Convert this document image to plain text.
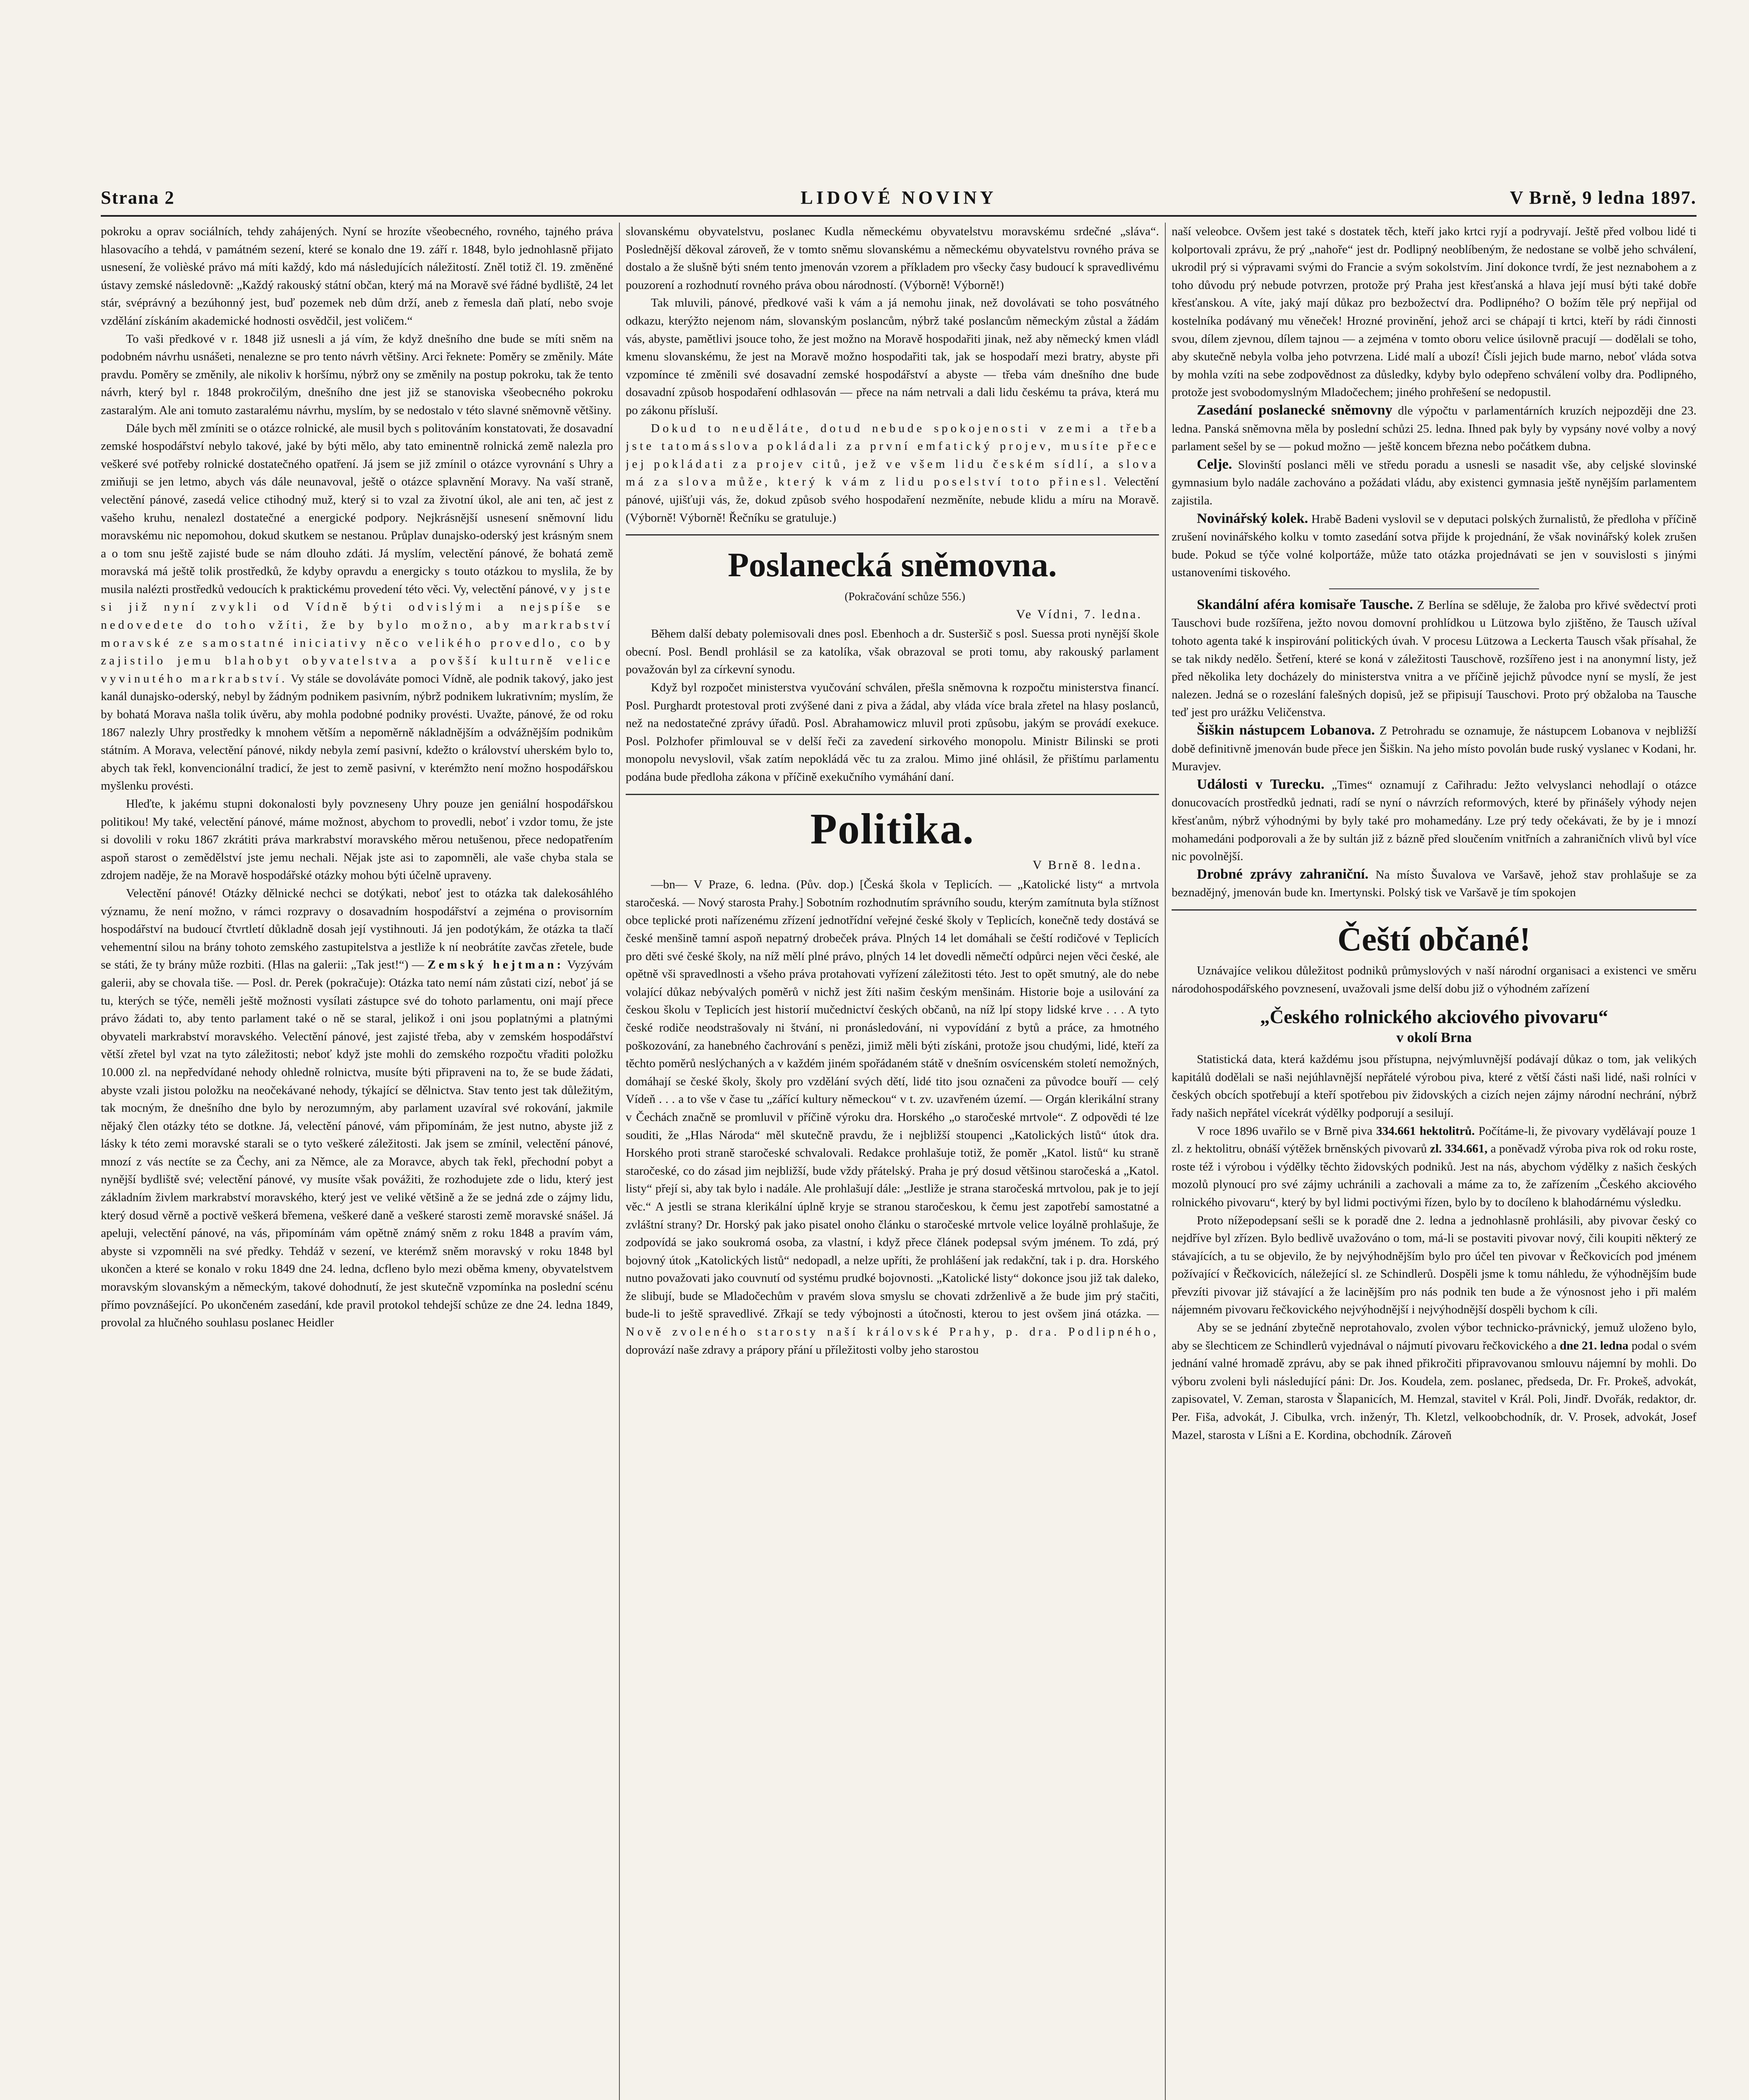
Strana 2	LIDOVÉ NOVINY	V Brně, 9 ledna 1897.

pokroku a oprav sociálních, tehdy zahájených. Nyní se hrozíte všeobecného, rovného, tajného práva hlasovacího a tehdá, v památném sezení, které se konalo dne 19. září r. 1848, bylo jednohlasně přijato usnesení, že volièské právo má míti každý, kdo má následujících náležitostí. Zněl totiž čl. 19. změněné ústavy zemské následovně: „Každý rakouský státní občan, který má na Moravě své řádné bydliště, 24 let stár, svéprávný a bezúhonný jest, buď pozemek neb dům drží, aneb z řemesla daň platí, nebo svoje vzdělání získáním akademické hodnosti osvědčil, jest voličem.“

To vaši předkové v r. 1848 již usnesli a já vím, že když dnešního dne bude se míti sněm na podobném návrhu usnášeti, nenalezne se pro tento návrh většiny. Arci řeknete: Poměry se změnily. Máte pravdu. Poměry se změnily, ale nikoliv k horšímu, nýbrž ony se změnily na postup pokroku, tak že tento návrh, který byl r. 1848 prokročilým, dnešního dne jest již se stanoviska všeobecného pokroku zastaralým. Ale ani tomuto zastaralému návrhu, myslím, by se nedostalo v této slavné sněmovně většiny.

Dále bych měl zmíniti se o otázce rolnické, ale musil bych s politováním konstatovati, že dosavadní zemské hospodářství nebylo takové, jaké by býti mělo, aby tato eminentně rolnická země nalezla pro veškeré své potřeby rolnické dostatečného opatření. Já jsem se již zmínil o otázce vyrovnání s Uhry a zmiňuji se jen letmo, abych vás dále neunavoval, ještě o otázce splavnění Moravy. Na vaší straně, velectění pánové, zasedá velice ctihodný muž, který si to vzal za životní úkol, ale ani ten, ač jest z vašeho kruhu, nenalezl dostatečné a energické podpory. Nejkrásnější usnesení sněmovní lidu moravskému nic nepomohou, dokud skutkem se nestanou. Průplav dunajsko-oderský jest krásným snem a o tom snu ještě zajisté bude se nám dlouho zdáti. Já myslím, velectění pánové, že bohatá země moravská má ještě tolik prostředků, že kdyby opravdu a energicky s touto otázkou to myslila, že by musila nalézti prostředků vedoucích k praktickému provedení této věci. Vy, velectění pánové, vy jste si již nyní zvykli od Vídně býti odvislými a nejspíše se nedovedete do toho vžíti, že by bylo možno, aby markrabství moravské ze samostatné iniciativy něco velikého provedlo, co by zajistilo jemu blahobyt obyvatelstva a povšší kulturně velice vyvinutého markrabství. Vy stále se dovoláváte pomoci Vídně, ale podnik takový, jako jest kanál dunajsko-oderský, nebyl by žádným podnikem pasivním, nýbrž podnikem lukrativním; myslím, že by bohatá Morava našla tolik úvěru, aby mohla podobné podniky provésti. Uvažte, pánové, že od roku 1867 nalezly Uhry prostředky k mnohem větším a nepoměrně nákladnějším a odvážnějším podnikům státním. A Morava, velectění pánové, nikdy nebyla zemí pasivní, kdežto o království uherském bylo to, abych tak řekl, konvencionální tradicí, že jest to země pasivní, v kterémžto není možno hospodářskou myšlenku provésti.

Hleďte, k jakému stupni dokonalosti byly povzneseny Uhry pouze jen geniální hospodářskou politikou! My také, velectění pánové, máme možnost, abychom to provedli, neboť i vzdor tomu, že jste si dovolili v roku 1867 zkrátiti práva markrabství moravského měrou netušenou, přece nedopatřením aspoň starost o zemědělství jste jemu nechali. Nějak jste asi to zapomněli, ale vaše chyba stala se zdrojem naděje, že na Moravě hospodářské otázky mohou býti účelně upraveny.

Velectění pánové! Otázky dělnické nechci se dotýkati, neboť jest to otázka tak dalekosáhlého významu, že není možno, v rámci rozpravy o dosavadním hospodářství a zejména o provisorním hospodářství na budoucí čtvrtletí důkladně dosah její vystihnouti. Já jen podotýkám, že otázka ta tlačí vehementní silou na brány tohoto zemského zastupitelstva a jestliže k ní neobrátíte zavčas zřetele, bude se státi, že ty brány může rozbiti. (Hlas na galerii: „Tak jest!“) — Zemský hejtman: Vyzývám galerii, aby se chovala tiše. — Posl. dr. Perek (pokračuje): Otázka tato nemí nám zůstati cizí, neboť já se tu, kterých se týče, neměli ještě možnosti vysílati zástupce své do tohoto parlamentu, oni mají přece právo žádati to, aby tento parlament také o ně se staral, jelikož i oni jsou poplatnými a platnými obyvateli markrabství moravského. Velectění pánové, jest zajisté třeba, aby v zemském hospodářství větší zřetel byl vzat na tyto záležitosti; neboť když jste mohli do zemského rozpočtu vřaditi položku 10.000 zl. na nepředvídané nehody ohledně rolnictva, musíte býti připraveni na to, že se bude žádati, abyste vzali jistou položku na neočekávané nehody, týkající se dělnictva. Stav tento jest tak důležitým, tak mocným, že dnešního dne bylo by nerozumným, aby parlament uzavíral své rokování, jakmile nějaký člen otázky této se dotkne. Já, velectění pánové, vám připomínám, že jest nutno, abyste již z lásky k této zemi moravské starali se o tyto veškeré záležitosti. Jak jsem se zmínil, velectění pánové, mnozí z vás nectíte se za Čechy, ani za Němce, ale za Moravce, abych tak řekl, přechodní pobyt a nynější bydliště své; velectění pánové, vy musíte však povážiti, že rozhodujete zde o lidu, který jest základním živlem markrabství moravského, který jest ve veliké většině a že se jedná zde o zájmy lidu, který dosud věrně a poctivě veškerá břemena, veškeré daně a veškeré starosti země moravské snášel. Já apeluji, velectění pánové, na vás, připomínám vám opětně známý sněm z roku 1848 a pravím vám, abyste si vzpomněli na své předky. Tehdáž v sezení, ve kterémž sněm moravský v roku 1848 byl ukončen a které se konalo v roku 1849 dne 24. ledna, dcfleno bylo mezi oběma kmeny, obyvatelstvem moravským slovanským a německým, takové dohodnutí, že jest skutečně vzpomínka na poslední scénu přímo povznášející. Po ukončeném zasedání, kde pravil protokol tehdejší schůze ze dne 24. ledna 1849, provolal za hlučného souhlasu poslanec Heidler

slovanskému obyvatelstvu, poslanec Kudla německému obyvatelstvu moravskému srdečné „sláva“. Poslednější děkoval zároveň, že v tomto sněmu slovanskému a německému obyvatelstvu rovného práva se dostalo a že slušně býti sném tento jmenován vzorem a příkladem pro všecky časy budoucí k spravedlivému pouzorení a rozhodnutí rovného práva obou národností. (Výborně! Výborně!)

Tak mluvili, pánové, předkové vaši k vám a já nemohu jinak, než dovolávati se toho posvátného odkazu, kterýžto nejenom nám, slovanským poslancům, nýbrž také poslancům německým zůstal a žádám vás, abyste, pamětlivi jsouce toho, že jest možno na Moravě hospodařiti jinak, než aby německý kmen vládl kmenu slovanskému, že jest na Moravě možno hospodařiti tak, jak se hospodaří mezi bratry, abyste při vzpomínce té změnili své dosavadní zemské hospodářství a abyste — třeba vám dnešního dne bude dosavadní způsob hospodaření odhlasován — přece na nám netrvali a dali lidu českému ta práva, která mu po zákonu přísluší.

Dokud to neuděláte, dotud nebude spokojenosti v zemi a třeba jste tatomásslova pokládali za první emfatický projev, musíte přece jej pokládati za projev citů, jež ve všem lidu českém sídlí, a slova má za slova může, který k vám z lidu poselství toto přinesl. Velectění pánové, ujišťuji vás, že, dokud způsob svého hospodaření nezměníte, nebude klidu a míru na Moravě. (Výborně! Výborně! Řečníku se gratuluje.)

Poslanecká sněmovna.

(Pokračování schůze 556.)

Ve Vídni, 7. ledna.

Během další debaty polemisovali dnes posl. Ebenhoch a dr. Susteršič s posl. Suessa proti nynější škole obecní. Posl. Bendl prohlásil se za katolíka, však obrazoval se proti tomu, aby rakouský parlament považován byl za církevní synodu.

Když byl rozpočet ministerstva vyučování schválen, přešla sněmovna k rozpočtu ministerstva financí. Posl. Purghardt protestoval proti zvýšené dani z piva a žádal, aby vláda více brala zřetel na hlasy poslanců, než na nedostatečné zprávy úřadů. Posl. Abrahamowicz mluvil proti způsobu, jakým se provádí exekuce. Posl. Polzhofer přimlouval se v delší řeči za zavedení sirkového monopolu. Ministr Bilinski se proti monopolu nevyslovil, však zatím nepokládá věc tu za zralou. Mimo jiné ohlásil, že přištímu parlamentu podána bude předloha zákona v příčině exekučního vymáhání daní.

Politika.

V Brně 8. ledna.

—bn— V Praze, 6. ledna. (Pův. dop.) [Česká škola v Teplicích. — „Katolické listy“ a mrtvola staročeská. — Nový starosta Prahy.] Sobotním rozhodnutím správního soudu, kterým zamítnuta byla stížnost obce teplické proti nařízenému zřízení jednotřídní veřejné české školy v Teplicích, konečně tedy dostává se české menšině tamní aspoň nepatrný drobeček práva. Plných 14 let domáhali se čeští rodičové v Teplicích pro děti své české školy, na níž mělí plné právo, plných 14 let dovedli němečtí odpůrci nejen věci české, ale opětně vši spravedlnosti a všeho práva protahovati vyřízení záležitosti této. Jest to opět smutný, ale do nebe volající důkaz nebývalých poměrů v nichž jest žíti našim českým menšinám. Historie boje a usilování za českou školu v Teplicích jest historií mučednictví českých občanů, na níž lpí stopy lidské krve . . . A tyto české rodiče neodstrašovaly ni štvání, ni pronásledování, ni vypovídání z bytů a práce, za hmotného poškozování, za hanebného čachrování s penězi, jimiž měli býti získáni, protože jsou chudými, lidé, kteří za těchto poměrů neslýchaných a v každém jiném spořádaném státě v dnešním osvícenském století nemožných, domáhají se české školy, školy pro vzdělání svých dětí, lidé tito jsou označeni za původce bouří — celý Vídeň . . . a to vše v čase tu „zářící kultury německou“ v t. zv. uzavřeném území. — Orgán klerikální strany v Čechách značně se promluvil v příčině výroku dra. Horského „o staročeské mrtvole“. Z odpovědi té lze souditi, že „Hlas Národa“ měl skutečně pravdu, že i nejbližší stoupenci „Katolických listů“ útok dra. Horského proti straně staročeské schvalovali. Redakce prohlašuje totiž, že poměr „Katol. listů“ ku straně staročeské, co do zásad jim nejbližší, bude vždy přátelský. Praha je prý dosud většinou staročeská a „Katol. listy“ přejí si, aby tak bylo i nadále. Ale prohlašují dále: „Jestliže je strana staročeská mrtvolou, pak je to její věc.“ A jestli se strana klerikální úplně kryje se stranou staročeskou, k čemu jest zapotřebí samostatné a zvláštní strany? Dr. Horský pak jako pisatel onoho článku o staročeské mrtvole velice loyálně prohlašuje, že zodpovídá se jako soukromá osoba, za vlastní, i když přece článek podepsal svým jménem. To zdá, prý bojovný útok „Katolických listů“ nedopadl, a nelze upříti, že prohlášení jak redakční, tak i p. dra. Horského nutno považovati jako couvnutí od systému prudké bojovnosti. „Katolické listy“ dokonce jsou již tak daleko, že slibují, bude se Mladočechům v pravém slova smyslu se chovati zdrženlivě a že bude jim prý stačiti, bude-li to ještě spravedlivé. Zřkají se tedy výbojnosti a útočnosti, kterou to jest ovšem jiná otázka. — Nově zvoleného starosty naší královské Prahy, p. dra. Podlipného, doprovází naše zdravy a prápory přání u příležitosti volby jeho starostou

naší veleobce. Ovšem jest také s dostatek těch, kteří jako krtci ryjí a podryvají. Ještě před volbou lidé ti kolportovali zprávu, že prý „nahoře“ jest dr. Podlipný neoblíbeným, že nedostane se volbě jeho schválení, ukrodil prý si výpravami svými do Francie a svým sokolstvím. Jiní dokonce tvrdí, že jest neznabohem a z toho důvodu prý nebude potvrzen, protože prý Praha jest křesťanská a hlava její musí býti také dobře křesťanskou. A víte, jaký mají důkaz pro bezbožectví dra. Podlipného? O božím těle prý nepřijal od kostelníka podávaný mu věneček! Hrozné provinění, jehož arci se chápají ti krtci, kteří by rádi činnosti svou, dílem zjevnou, dílem tajnou — a zejména v tomto oboru velice úsilovně pracují — dodělali se toho, aby skutečně nebyla volba jeho potvrzena. Lidé malí a ubozí! Čísli jejich bude marno, neboť vláda sotva by mohla vzíti na sebe zodpovědnost za důsledky, kdyby bylo odepřeno schválení volby dra. Podlipného, protože jest svobodomyslným Mladočechem; jiného prohřešení se nedopustil.

Zasedání poslanecké sněmovny dle výpočtu v parlamentárních kruzích nejpozději dne 23. ledna. Panská sněmovna měla by poslední schůzi 25. ledna. Ihned pak byly by vypsány nové volby a nový parlament sešel by se — pokud možno — ještě koncem března nebo počátkem dubna.

Celje. Slovinští poslanci měli ve středu poradu a usnesli se nasadit vše, aby celjské slovinské gymnasium bylo nadále zachováno a požádati vládu, aby existenci gymnasia ještě nynějším parlamentem zajistila.

Novinářský kolek. Hrabě Badeni vyslovil se v deputaci polských žurnalistů, že předloha v příčině zrušení novinářského kolku v tomto zasedání sotva přijde k projednání, že však novinářský kolek zrušen bude. Pokud se týče volné kolportáže, může tato otázka projednávati se jen v souvislosti s jinými ustanoveními tiskového.

Skandální aféra komisaře Tausche. Z Berlína se sděluje, že žaloba pro křivé svědectví proti Tauschovi bude rozšířena, ježto novou domovní prohlídkou u Lützowa bylo zjištěno, že Tausch užíval tohoto agenta také k inspirování politických úvah. V procesu Lützowa a Leckerta Tausch však přísahal, že se tak nikdy nedělo. Šetření, které se koná v záležitosti Tauschově, rozšířeno jest i na anonymní listy, jež před několika lety docházely do ministerstva vnitra a ve příčině jejichž původce nyní se myslí, že jest nalezen. Jedná se o rozeslání falešných dopisů, jež se připisují Tauschovi. Proto prý obžaloba na Tausche teď jest pro urážku Veličenstva.

Šiškin nástupcem Lobanova. Z Petrohradu se oznamuje, že nástupcem Lobanova v nejbližší době definitivně jmenován bude přece jen Šiškin. Na jeho místo povolán bude ruský vyslanec v Kodani, hr. Muravjev.

Události v Turecku. „Times“ oznamují z Cařihradu: Ježto velvyslanci nehodlají o otázce donucovacích prostředků jednati, radí se nyní o návrzích reformových, které by přinášely výhody nejen křesťanům, nýbrž výhodnými by byly také pro mohamedány. Lze prý tedy očekávati, že by je i mnozí mohamedáni podporovali a že by sultán již z bázně před sloučením vnitřních a zahraničních vlivů byl více nic povolnější.

Drobné zprávy zahraniční. Na místo Šuvalova ve Varšavě, jehož stav prohlašuje se za beznadějný, jmenován bude kn. Imertynski. Polský tisk ve Varšavě je tím spokojen

Čeští občané!

Uznávajíce velikou důležitost podniků průmyslových v naší národní organisaci a existenci ve směru národohospodářského povznesení, uvažovali jsme delší dobu již o výhodném zařízení

„Českého rolnického akciového pivovaru“
v okolí Brna

Statistická data, která každému jsou přístupna, nejvýmluvnější podávají důkaz o tom, jak velikých kapitálů dodělali se naši nejúhlavnější nepřátelé výrobou piva, které z větší části naši lidé, naši rolníci v českých obcích spotřebují a kteří spotřebou piv židovských a cizích nejen zájmy národní nechrání, nýbrž řady našich nepřátel vícekrát výdělky podporují a sesilují.

V roce 1896 uvařilo se v Brně piva 334.661 hektolitrů. Počítáme-li, že pivovary vydělávají pouze 1 zl. z hektolitru, obnáší výtěžek brněnských pivovarů zl. 334.661, a poněvadž výroba piva rok od roku roste, roste též i výrobou i výdělky těchto židovských podniků. Jest na nás, abychom výdělky z našich českých mozolů plynoucí pro své zájmy uchránili a zachovali a máme za to, že zařízením „Českého akciového rolnického pivovaru“, který by byl lidmi poctivými řízen, bylo by to docíleno k blahodárnému výsledku.

Proto nížepodepsaní sešli se k poradě dne 2. ledna a jednohlasně prohlásili, aby pivovar český co nejdříve byl zřízen. Bylo bedlivě uvažováno o tom, má-li se postaviti pivovar nový, čili koupiti některý ze stávajících, a tu se objevilo, že by nejvýhodnějším bylo pro účel ten pivovar v Řečkovicích pod jménem požívající v Řečkovicích, náležející sl. ze Schindlerů. Dospěli jsme k tomu náhledu, že výhodnějším bude převzíti pivovar již stávající a že lacinějším pro nás podnik ten bude a že výnosnost jeho i při malém nájemném pivovaru řečkovického nejvýhodnější i nejvýhodnější dospěli bychom k cíli.

Aby se se jednání zbytečně neprotahovalo, zvolen výbor technicko-právnický, jemuž uloženo bylo, aby se šlechticem ze Schindlerů vyjednával o nájmutí pivovaru řečkovického a dne 21. ledna podal o svém jednání valné hromadě zprávu, aby se pak ihned přikročiti připravovanou smlouvu nájemní by mohli. Do výboru zvoleni byli následující páni: Dr. Jos. Koudela, zem. poslanec, předseda, Dr. Fr. Prokeš, advokát, zapisovatel, V. Zeman, starosta v Šlapanicích, M. Hemzal, stavitel v Král. Poli, Jindř. Dvořák, redaktor, dr. Per. Fiša, advokát, J. Cibulka, vrch. inženýr, Th. Kletzl, velkoobchodník, dr. V. Prosek, advokát, Josef Mazel, starosta v Líšni a E. Kordina, obchodník. Zároveň
